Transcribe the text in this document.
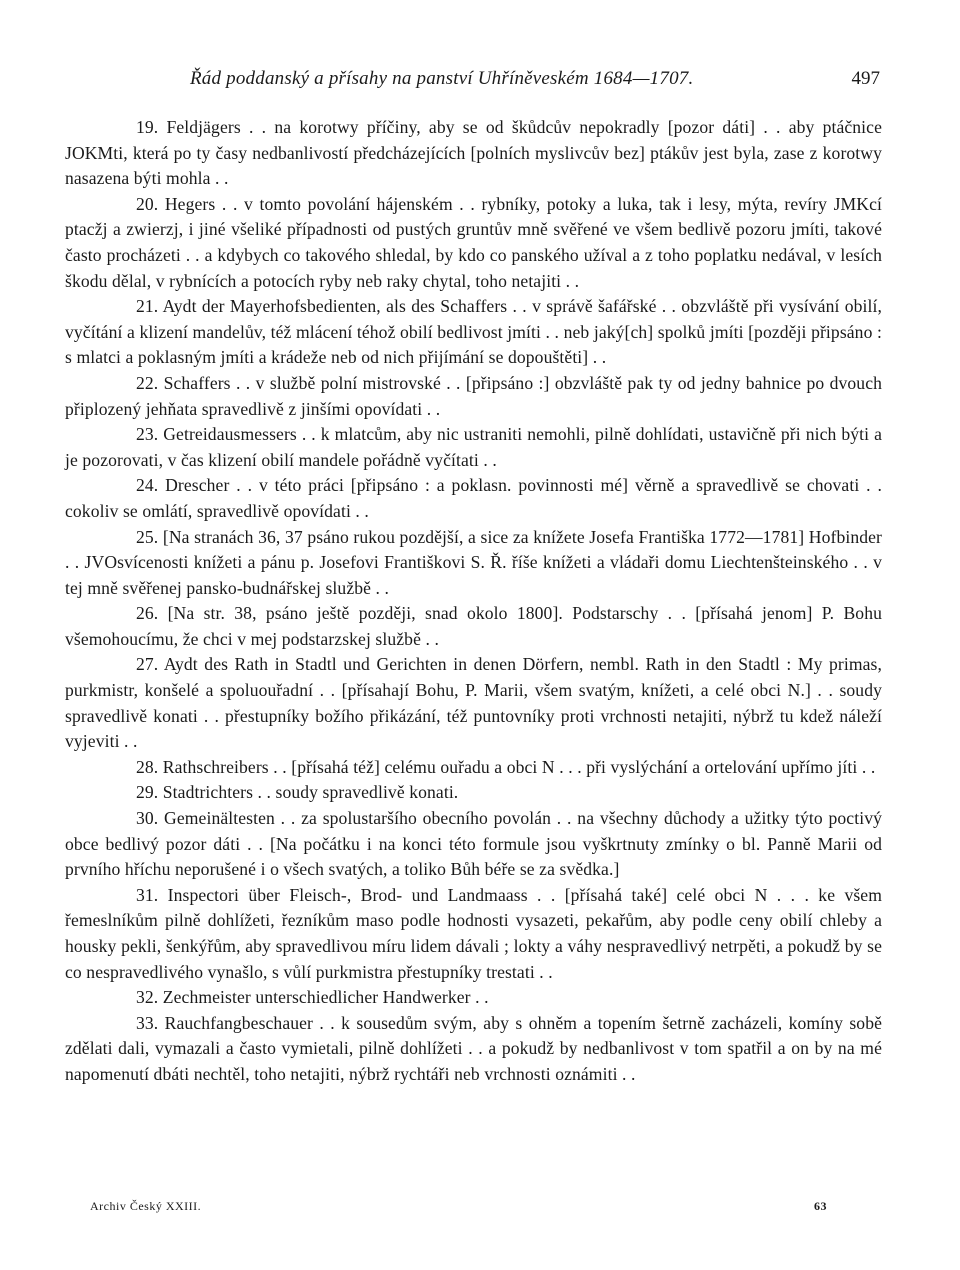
Řád poddanský a přísahy na panství Uhříněveském 1684—1707.	497

19. Feldjägers . . na korotwy příčiny, aby se od škůdcův nepokradly [pozor dáti] . . aby ptáčnice JOKMti, která po ty časy nedbanlivostí předcházejících [polních myslivcův bez] ptákův jest byla, zase z korotwy nasazena býti mohla . .

20. Hegers . . v tomto povolání hájenském . . rybníky, potoky a luka, tak i lesy, mýta, revíry JMKcí ptacžj a zwierzj, i jiné všeliké případnosti od pustých gruntův mně svěřené ve všem bedlivě pozoru jmíti, takové často procházeti . . a kdybych co takového shledal, by kdo co panského užíval a z toho poplatku nedával, v lesích škodu dělal, v rybnících a potocích ryby neb raky chytal, toho netajiti . .

21. Aydt der Mayerhofsbedienten, als des Schaffers . . v správě šafářské . . obzvláště při vysívání obilí, vyčítání a klizení mandelův, též mlácení téhož obilí bedlivost jmíti . . neb jaký[ch] spolků jmíti [později připsáno : s mlatci a poklasným jmíti a krádeže neb od nich přijímání se dopouštěti] . .

22. Schaffers . . v službě polní mistrovské . . [připsáno :] obzvláště pak ty od jedny bahnice po dvouch připlozený jehňata spravedlivě z jinšími opovídati . .

23. Getreidausmessers . . k mlatcům, aby nic ustraniti nemohli, pilně dohlídati, ustavičně při nich býti a je pozorovati, v čas klizení obilí mandele pořádně vyčítati . .

24. Drescher . . v této práci [připsáno : a poklasn. povinnosti mé] věrně a spravedlivě se chovati . . cokoliv se omlátí, spravedlivě opovídati . .

25. [Na stranách 36, 37 psáno rukou pozdější, a sice za knížete Josefa Františka 1772—1781] Hofbinder . . JVOsvícenosti knížeti a pánu p. Josefovi Františkovi S. Ř. říše knížeti a vládaři domu Liechtenšteinského . . v tej mně svěřenej pansko-budnářskej službě . .

26. [Na str. 38, psáno ještě později, snad okolo 1800]. Podstarschy . . [přísahá jenom] P. Bohu všemohoucímu, že chci v mej podstarzskej službě . .

27. Aydt des Rath in Stadtl und Gerichten in denen Dörfern, nembl. Rath in den Stadtl : My primas, purkmistr, konšelé a spoluouřadní . . [přísahají Bohu, P. Marii, všem svatým, knížeti, a celé obci N.] . . soudy spravedlivě konati . . přestupníky božího přikázání, též puntovníky proti vrchnosti netajiti, nýbrž tu kdež náleží vyjeviti . .

28. Rathschreibers . . [přísahá též] celému ouřadu a obci N . . . při vyslýchání a ortelování upřímo jíti . .

29. Stadtrichters . . soudy spravedlivě konati.

30. Gemeinältesten . . za spolustaršího obecního povolán . . na všechny důchody a užitky týto poctivý obce bedlivý pozor dáti . . [Na počátku i na konci této formule jsou vyškrtnuty zmínky o bl. Panně Marii od prvního hříchu neporušené i o všech svatých, a toliko Bůh béře se za svědka.]

31. Inspectori über Fleisch-, Brod- und Landmaass . . [přísahá také] celé obci N . . . ke všem řemeslníkům pilně dohlížeti, řezníkům maso podle hodnosti vysazeti, pekařům, aby podle ceny obilí chleby a housky pekli, šenkýřům, aby spravedlivou míru lidem dávali ; lokty a váhy nespravedlivý netrpěti, a pokudž by se co nespravedlivého vynašlo, s vůlí purkmistra přestupníky trestati . .

32. Zechmeister unterschiedlicher Handwerker . .

33. Rauchfangbeschauer . . k sousedům svým, aby s ohněm a topením šetrně zacházeli, komíny sobě zdělati dali, vymazali a často vymietali, pilně dohlížeti . . a pokudž by nedbanlivost v tom spatřil a on by na mé napomenutí dbáti nechtěl, toho netajiti, nýbrž rychtáři neb vrchnosti oznámiti . .

Archiv Český XXIII.	63
